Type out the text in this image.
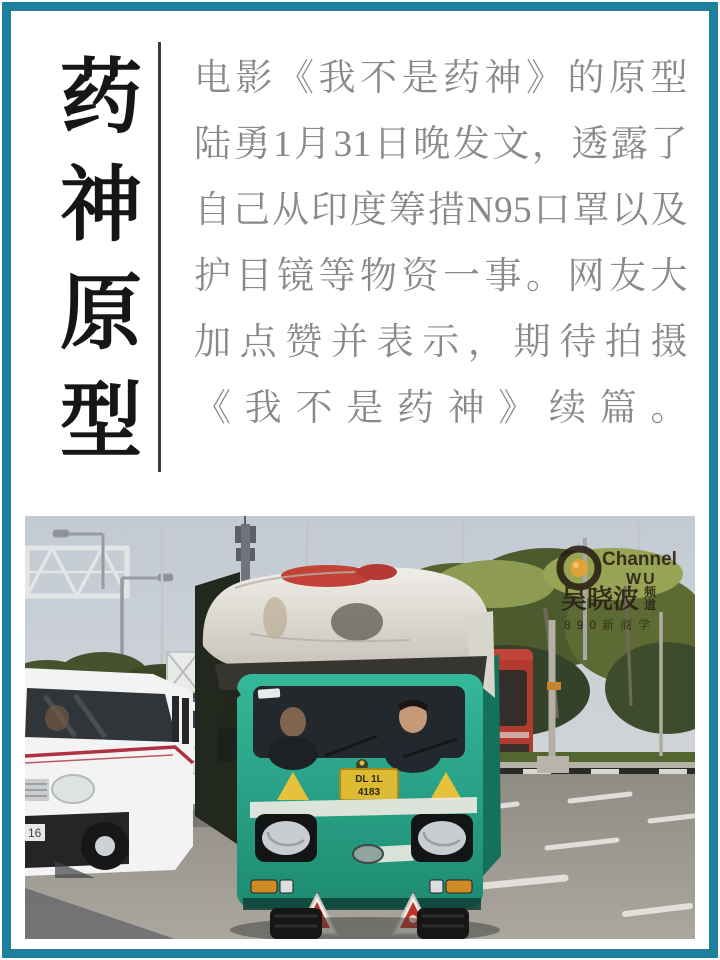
药
神
原
型
电影《我不是药神》的原型
陆勇1月31日晚发文，透露了
自己从印度筹措N95口罩以及
护目镜等物资一事。网友大
加点赞并表示，期待拍摄
《我不是药神》续篇。
16
DL 1L
4183
Channel
WU
吴晓波 频
道
890新商学
